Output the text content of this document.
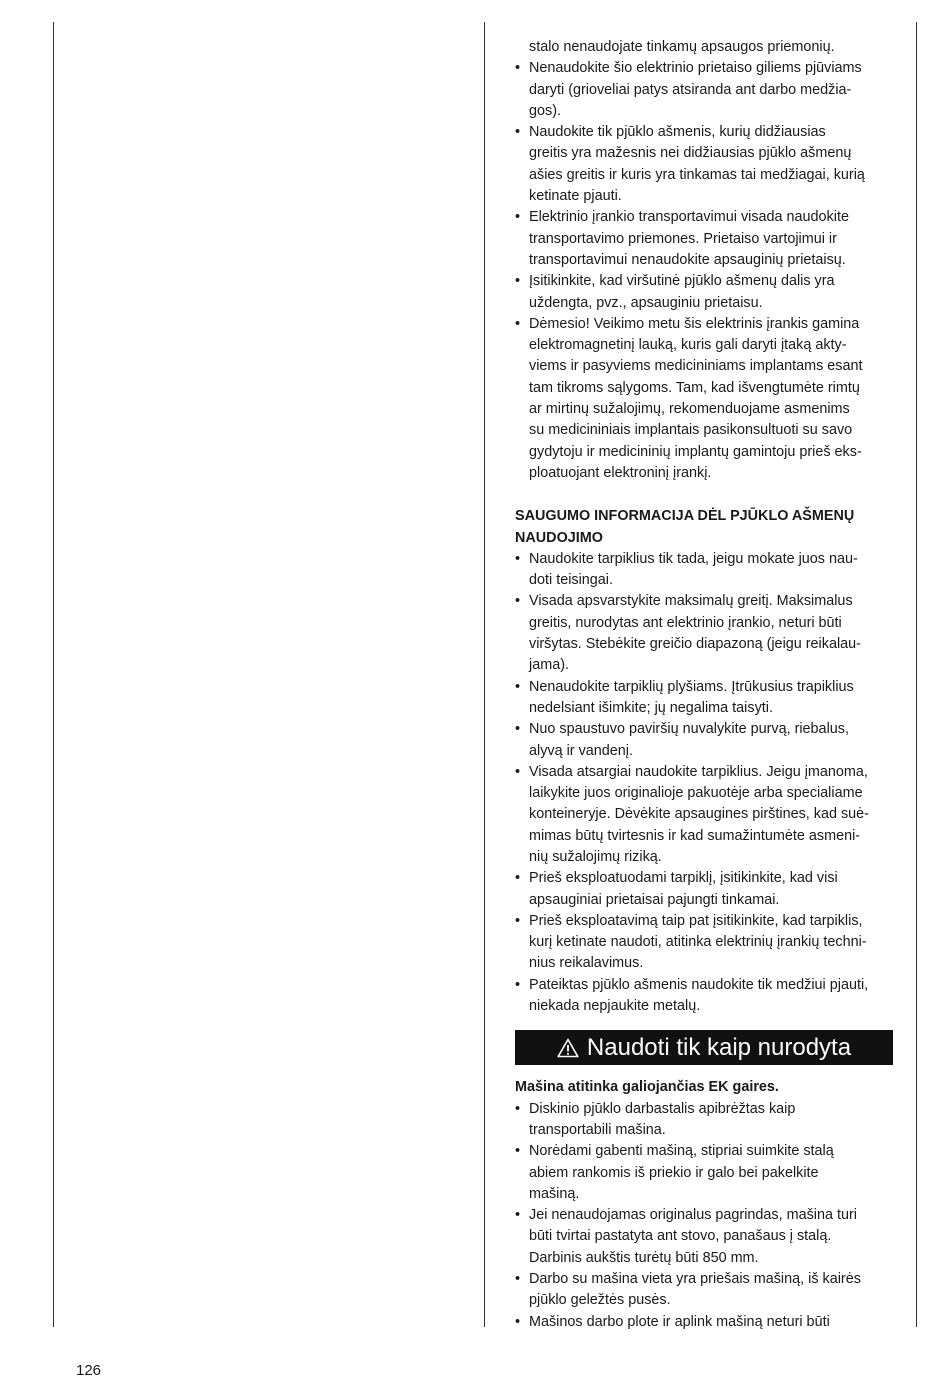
stalo nenaudojate tinkamų apsaugos priemonių.
• Nenaudokite šio elektrinio prietaiso giliems pjūviams
daryti (grioveliai patys atsiranda ant darbo medžia-
gos).
• Naudokite tik pjūklo ašmenis, kurių didžiausias
greitis yra mažesnis nei didžiausias pjūklo ašmenų
ašies greitis ir kuris yra tinkamas tai medžiagai, kurią
ketinate pjauti.
• Elektrinio įrankio transportavimui visada naudokite
transportavimo priemones. Prietaiso vartojimui ir
transportavimui nenaudokite apsauginių prietaisų.
• Įsitikinkite, kad viršutinė pjūklo ašmenų dalis yra
uždengta, pvz., apsauginiu prietaisu.
• Dėmesio! Veikimo metu šis elektrinis įrankis gamina
elektromagnetinį lauką, kuris gali daryti įtaką akty-
viems ir pasyviems medicininiams implantams esant
tam tikroms sąlygoms. Tam, kad išvengtumėte rimtų
ar mirtinų sužalojimų, rekomenduojame asmenims
su medicininiais implantais pasikonsultuoti su savo
gydytoju ir medicininių implantų gamintoju prieš eks-
ploatuojant elektroninį įrankį.
SAUGUMO INFORMACIJA DĖL PJŪKLO AŠMENŲ
NAUDOJIMO
• Naudokite tarpiklius tik tada, jeigu mokate juos nau-
doti teisingai.
• Visada apsvarstykite maksimalų greitį. Maksimalus
greitis, nurodytas ant elektrinio įrankio, neturi būti
viršytas. Stebėkite greičio diapazoną (jeigu reikalau-
jama).
• Nenaudokite tarpiklių plyšiams. Įtrūkusius trapiklius
nedelsiant išimkite; jų negalima taisyti.
• Nuo spaustuvo paviršių nuvalykite purvą, riebalus,
alyvą ir vandenį.
• Visada atsargiai naudokite tarpiklius. Jeigu įmanoma,
laikykite juos originalioje pakuotėje arba specialiame
konteineryje. Dėvėkite apsaugines pirštines, kad suė-
mimas būtų tvirtesnis ir kad sumažintumėte asmeni-
nių sužalojimų riziką.
• Prieš eksploatuodami tarpiklį, įsitikinkite, kad visi
apsauginiai prietaisai pajungti tinkamai.
• Prieš eksploatavimą taip pat įsitikinkite, kad tarpiklis,
kurį ketinate naudoti, atitinka elektrinių įrankių techni-
nius reikalavimus.
• Pateiktas pjūklo ašmenis naudokite tik medžiui pjauti,
niekada nepjaukite metalų.
Naudoti tik kaip nurodyta
Mašina atitinka galiojančias EK gaires.
• Diskinio pjūklo darbastalis apibrėžtas kaip
transportabili mašina.
• Norėdami gabenti mašiną, stipriai suimkite stalą
abiem rankomis iš priekio ir galo bei pakelkite
mašiną.
• Jei nenaudojamas originalus pagrindas, mašina turi
būti tvirtai pastatyta ant stovo, panašaus į stalą.
Darbinis aukštis turėtų būti 850 mm.
• Darbo su mašina vieta yra priešais mašiną, iš kairės
pjūklo geležtės pusės.
• Mašinos darbo plote ir aplink mašiną neturi būti
126
